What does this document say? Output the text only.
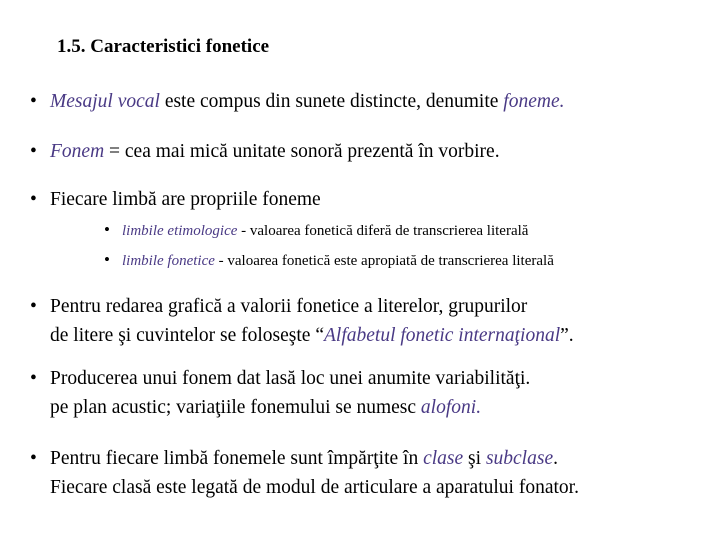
1.5. Caracteristici fonetice
• Mesajul vocal este compus din sunete distincte, denumite foneme.
• Fonem = cea mai mică unitate sonoră prezentă în vorbire.
• Fiecare limbă are propriile foneme
• limbile etimologice - valoarea fonetică diferă de transcrierea literală
• limbile fonetice - valoarea fonetică este apropiată de transcrierea literală
• Pentru redarea grafică a valorii fonetice a literelor, grupurilor
de litere şi cuvintelor se foloseşte “Alfabetul fonetic internaţional”.
• Producerea unui fonem dat lasă loc unei anumite variabilităţi.
pe plan acustic; variaţiile fonemului se numesc alofoni.
• Pentru fiecare limbă fonemele sunt împărţite în clase şi subclase.
Fiecare clasă este legată de modul de articulare a aparatului fonator.
